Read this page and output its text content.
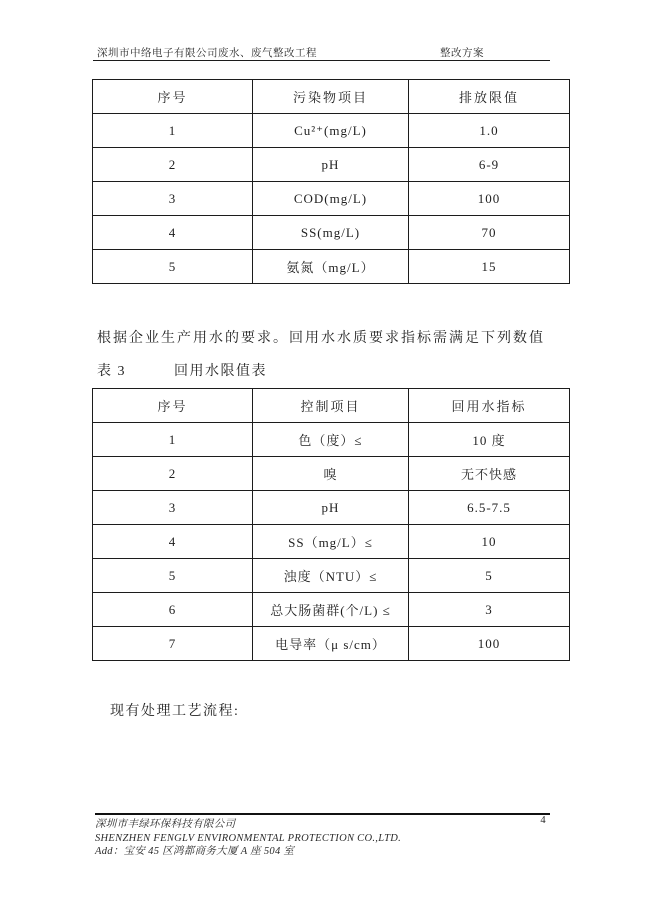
深圳市中络电子有限公司废水、废气整改工程	整改方案
序号	污染物项目	排放限值
1	Cu²⁺(mg/L)	1.0
2	pH	6-9
3	COD(mg/L)	100
4	SS(mg/L)	70
5	氨氮（mg/L）	15
根据企业生产用水的要求。回用水水质要求指标需满足下列数值
表 3	回用水限值表
序号	控制项目	回用水指标
1	色（度）≤	10 度
2	嗅	无不快感
3	pH	6.5-7.5
4	SS（mg/L）≤	10
5	浊度（NTU）≤	5
6	总大肠菌群(个/L) ≤	3
7	电导率（μ s/cm）	100
现有处理工艺流程:
深圳市丰绿环保科技有限公司
SHENZHEN FENGLV ENVIRONMENTAL PROTECTION CO.,LTD.
Add：宝安 45 区鸿都商务大厦 A 座 504 室
4
